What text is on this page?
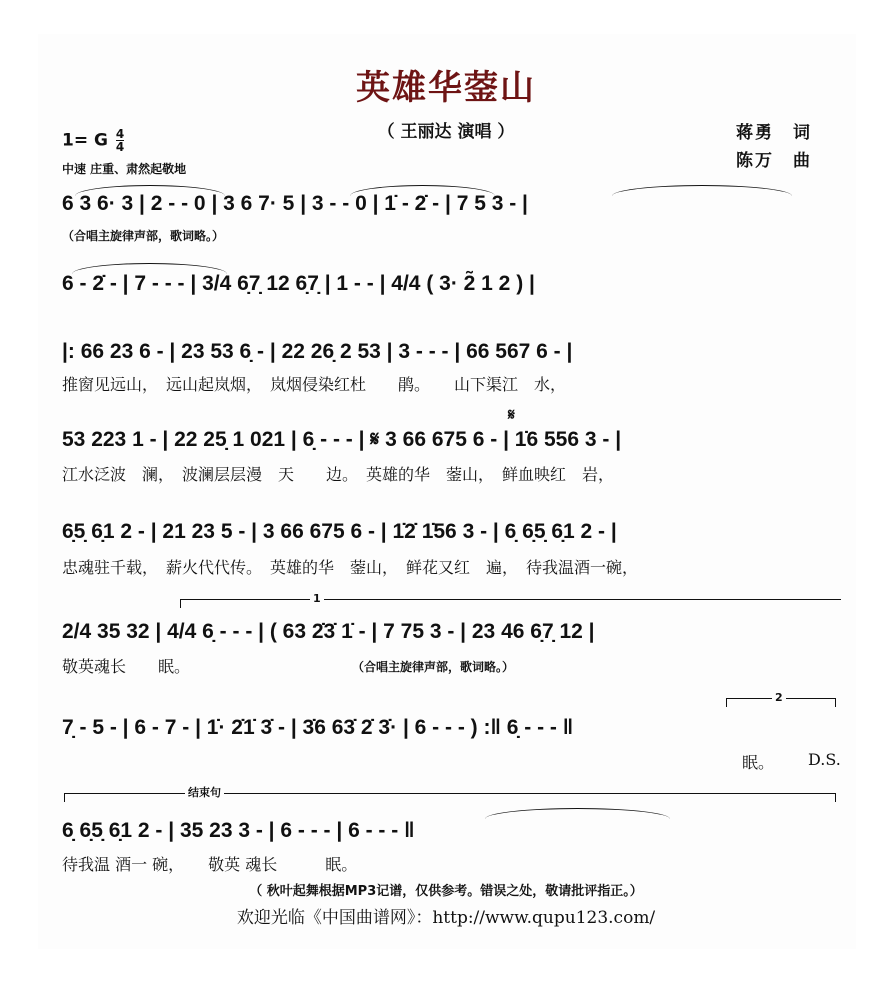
英雄华蓥山
（ 王丽达 演唱 ）
1= G $\frac{4}{4}$
中速 庄重、肃然起敬地
蒋勇　词
陈万　曲
6 3 6· 3 | 2 - - 0 | 3 6 7· 5 | 3 - - 0 | 1̇ - 2̇ - | 7 5 3 - |
（合唱主旋律声部，歌词略。）
6 - 2̇ - | 7 - - - | 3/4 6̣7̣ 12 6̣7̣ | 1 - - | 4/4 ( 3· 2̃ 1 2 ) |
|: 66 23 6 - | 23 53 6̣ - | 22 26̣ 2 53 | 3 - - - | 66 567 6 - |
推窗见远山，　远山起岚烟，　岚烟侵染红杜　　鹃。　　山下渠江　水，
𝄋
53 223 1 - | 22 25̣ 1 021 | 6̣ - - - | 𝄋 3 66 675 6 - | 1̇6 556 3 - |
江水泛波　澜，　波澜层层漫　天　　边。　英雄的华　蓥山，　鲜血映红　岩，
6̣5̣ 6̣1 2 - | 21 23 5 - | 3 66 675 6 - | 1̇2̇ 1̇56 3 - | 6̣ 6̣5̣ 6̣1 2 - |
忠魂驻千载，　薪火代代传。　英雄的华　蓥山，　鲜花又红　遍，　待我温酒一碗，
1
2/4 35 32 | 4/4 6̣ - - - | ( 63 2̇3̇ 1̇ - | 7 75 3 - | 23 46 6̣7̣ 12 |
敬英魂长　　眠。	（合唱主旋律声部，歌词略。）
2
7̣ - 5 - | 6 - 7 - | 1̇· 2̇1̇ 3̇ - | 3̇6 63̇ 2̇ 3̇· | 6 - - - ) :‖ 6̣ - - - ‖
眠。 D.S.
结束句
6̣ 6̣5̣ 6̣1 2 - | 35 23 3 - | 6 - - - | 6 - - - ‖
待我温 酒一 碗，　　敬英 魂长　　　眠。
（ 秋叶起舞根据MP3记谱，仅供参考。错误之处，敬请批评指正。）
欢迎光临《中国曲谱网》：http://www.qupu123.com/
